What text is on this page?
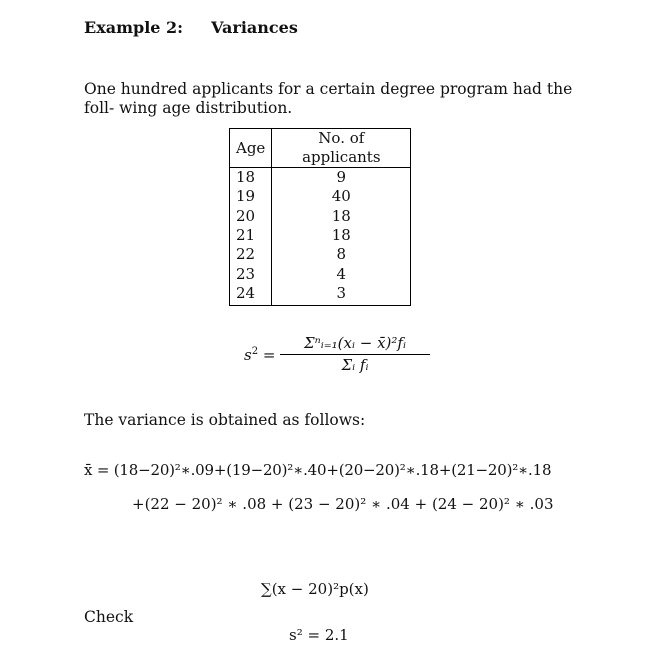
Example 2: Variances
One hundred applicants for a certain degree program had the foll- wing age distribution.
Age	No. of applicants
18	9
19	40
20	18
21	18
22	8
23	4
24	3
$s^2$ =
Σⁿᵢ₌₁(xᵢ − x̄)²fᵢ
Σᵢ fᵢ
The variance is obtained as follows:
x̄ = (18−20)²∗.09+(19−20)²∗.40+(20−20)²∗.18+(21−20)²∗.18
+(22 − 20)² ∗ .08 + (23 − 20)² ∗ .04 + (24 − 20)² ∗ .03
∑(x − 20)²p(x)
Check
s² = 2.1
